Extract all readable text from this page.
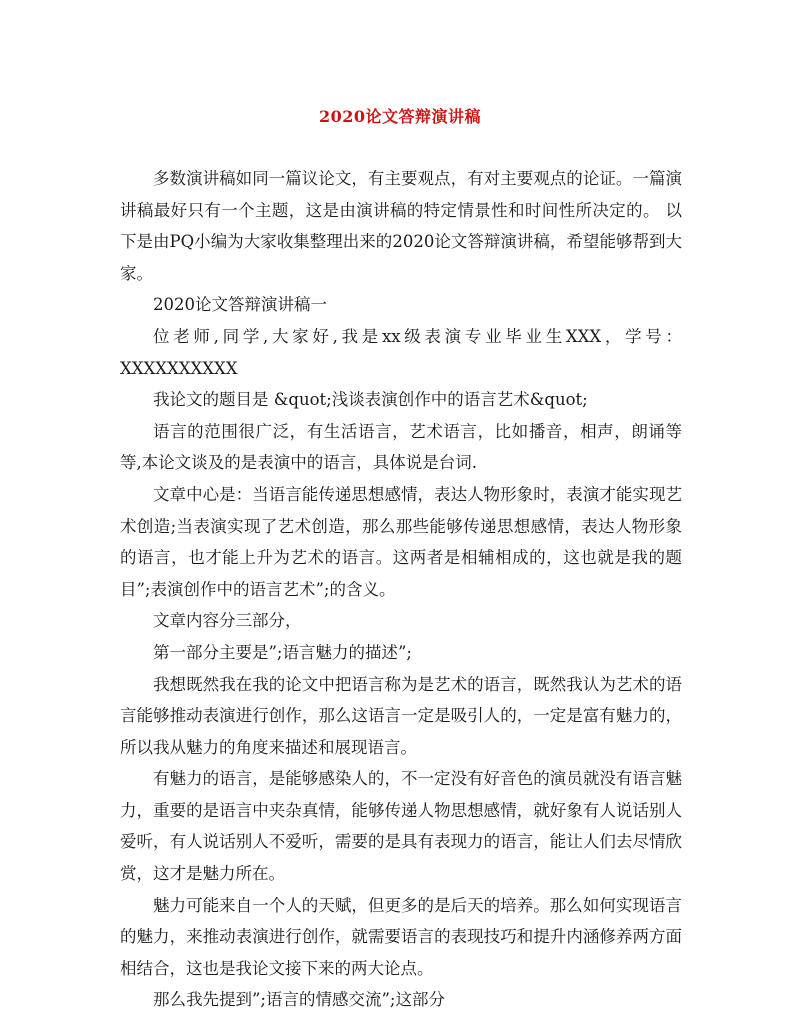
2020论文答辩演讲稿

多数演讲稿如同一篇议论文，有主要观点，有对主要观点的论证。一篇演讲稿最好只有一个主题，这是由演讲稿的特定情景性和时间性所决定的。 以下是由PQ小编为大家收集整理出来的2020论文答辩演讲稿，希望能够帮到大家。

2020论文答辩演讲稿一

位老师,同学,大家好,我是xx级表演专业毕业生XXX，学号：XXXXXXXXXX

我论文的题目是 &quot;浅谈表演创作中的语言艺术&quot;

语言的范围很广泛，有生活语言，艺术语言，比如播音，相声，朗诵等等,本论文谈及的是表演中的语言，具体说是台词.

文章中心是：当语言能传递思想感情，表达人物形象时，表演才能实现艺术创造;当表演实现了艺术创造，那么那些能够传递思想感情，表达人物形象的语言，也才能上升为艺术的语言。这两者是相辅相成的，这也就是我的题目”;表演创作中的语言艺术”;的含义。

文章内容分三部分，

第一部分主要是”;语言魅力的描述”;

我想既然我在我的论文中把语言称为是艺术的语言，既然我认为艺术的语言能够推动表演进行创作，那么这语言一定是吸引人的，一定是富有魅力的，所以我从魅力的角度来描述和展现语言。

有魅力的语言，是能够感染人的，不一定没有好音色的演员就没有语言魅力，重要的是语言中夹杂真情，能够传递人物思想感情，就好象有人说话别人爱听，有人说话别人不爱听，需要的是具有表现力的语言，能让人们去尽情欣赏，这才是魅力所在。

魅力可能来自一个人的天赋，但更多的是后天的培养。那么如何实现语言的魅力，来推动表演进行创作，就需要语言的表现技巧和提升内涵修养两方面相结合，这也是我论文接下来的两大论点。

那么我先提到”;语言的情感交流”;这部分
